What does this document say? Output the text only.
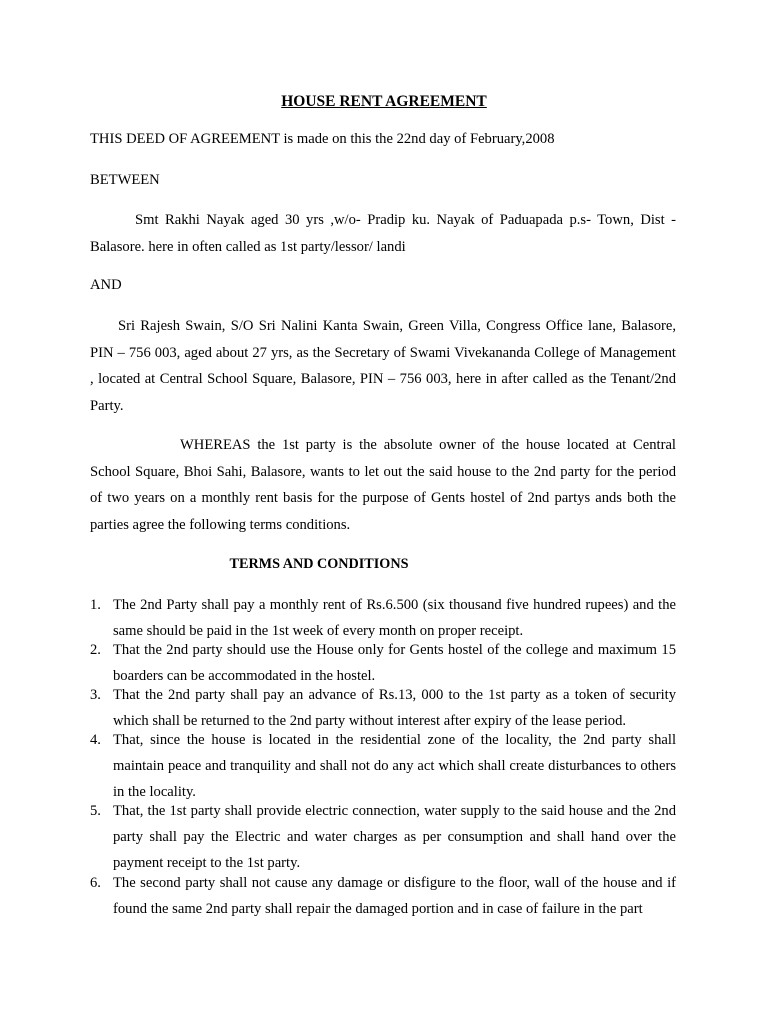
HOUSE RENT AGREEMENT
THIS DEED OF AGREEMENT is made on this the 22nd day of February,2008
BETWEEN
Smt Rakhi Nayak aged 30 yrs ,w/o- Pradip ku. Nayak of Paduapada p.s- Town, Dist - Balasore. here in often called as 1st party/lessor/ landi
AND
Sri Rajesh Swain, S/O Sri Nalini Kanta Swain, Green Villa, Congress Office lane, Balasore, PIN – 756 003, aged about 27 yrs, as the Secretary of Swami Vivekananda College of Management , located at Central School Square, Balasore, PIN – 756 003, here in after called as the Tenant/2nd Party.
WHEREAS the 1st party is the absolute owner of the house located at Central School Square, Bhoi Sahi, Balasore, wants to let out the said house to the 2nd party for the period of two years on a monthly rent basis for the purpose of Gents hostel of 2nd partys ands both the parties agree the following terms conditions.
TERMS AND CONDITIONS
1. The 2nd Party shall pay a monthly rent of Rs.6.500 (six thousand five hundred rupees) and the same should be paid in the 1st week of every month on proper receipt.
2. That the 2nd party should use the House only for Gents hostel of the college and maximum 15 boarders can be accommodated in the hostel.
3. That the 2nd party shall pay an advance of Rs.13, 000 to the 1st party as a token of security which shall be returned to the 2nd party without interest after expiry of the lease period.
4. That, since the house is located in the residential zone of the locality, the 2nd party shall maintain peace and tranquility and shall not do any act which shall create disturbances to others in the locality.
5. That, the 1st party shall provide electric connection, water supply to the said house and the 2nd party shall pay the Electric and water charges as per consumption and shall hand over the payment receipt to the 1st party.
6. The second party shall not cause any damage or disfigure to the floor, wall of the house and if found the same 2nd party shall repair the damaged portion and in case of failure in the part
